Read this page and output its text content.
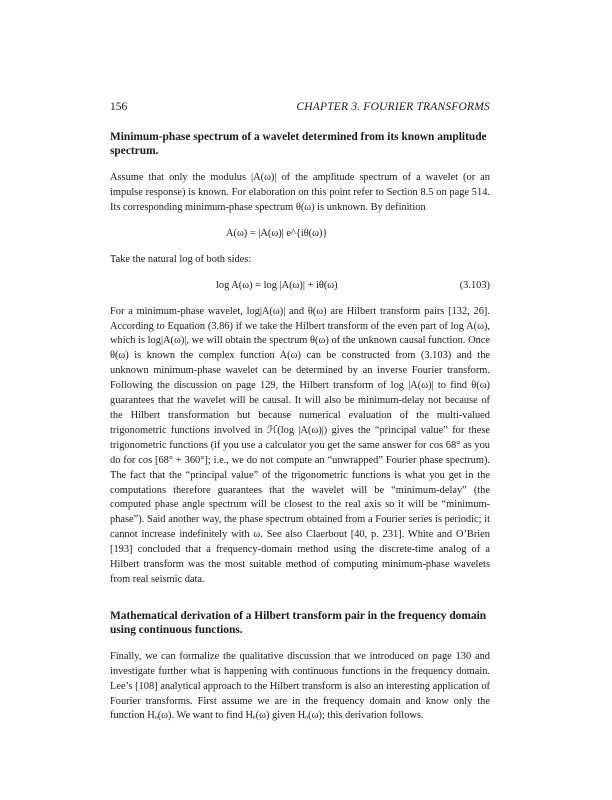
156	CHAPTER 3. FOURIER TRANSFORMS
Minimum-phase spectrum of a wavelet determined from its known amplitude spectrum.

Assume that only the modulus |A(ω)| of the amplitude spectrum of a wavelet (or an impulse response) is known. For elaboration on this point refer to Section 8.5 on page 514. Its corresponding minimum-phase spectrum θ(ω) is unknown. By definition

A(ω) = |A(ω)| e^{iθ(ω)}

Take the natural log of both sides:

log A(ω) = log |A(ω)| + iθ(ω)	(3.103)

For a minimum-phase wavelet, log|A(ω)| and θ(ω) are Hilbert transform pairs [132, 26]. According to Equation (3.86) if we take the Hilbert transform of the even part of log A(ω), which is log|A(ω)|, we will obtain the spectrum θ(ω) of the unknown causal function. Once θ(ω) is known the complex function A(ω) can be constructed from (3.103) and the unknown minimum-phase wavelet can be determined by an inverse Fourier transform. Following the discussion on page 129, the Hilbert transform of log |A(ω)| to find θ(ω) guarantees that the wavelet will be causal. It will also be minimum-delay not because of the Hilbert transformation but because numerical evaluation of the multi-valued trigonometric functions involved in ℋ(log |A(ω)|) gives the “principal value” for these trigonometric functions (if you use a calculator you get the same answer for cos 68° as you do for cos [68° + 360°]; i.e., we do not compute an “unwrapped” Fourier phase spectrum). The fact that the “principal value” of the trigonometric functions is what you get in the computations therefore guarantees that the wavelet will be “minimum-delay” (the computed phase angle spectrum will be closest to the real axis so it will be “minimum-phase”). Said another way, the phase spectrum obtained from a Fourier series is periodic; it cannot increase indefinitely with ω. See also Claerbout [40, p. 231]. White and O’Brien [193] concluded that a frequency-domain method using the discrete-time analog of a Hilbert transform was the most suitable method of computing minimum-phase wavelets from real seismic data.

Mathematical derivation of a Hilbert transform pair in the frequency domain using continuous functions.

Finally, we can formalize the qualitative discussion that we introduced on page 130 and investigate further what is happening with continuous functions in the frequency domain. Lee’s [108] analytical approach to the Hilbert transform is also an interesting application of Fourier transforms. First assume we are in the frequency domain and know only the function Hₒ(ω). We want to find Hₑ(ω) given Hₒ(ω); this derivation follows.
